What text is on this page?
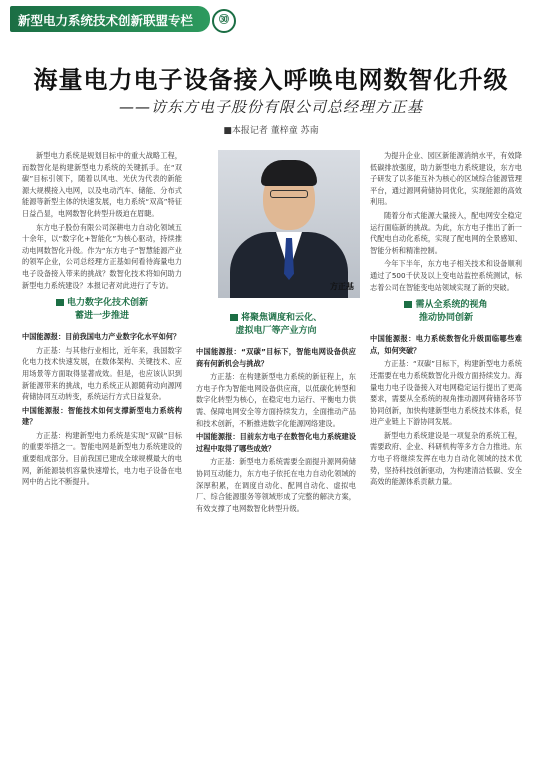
新型电力系统技术创新联盟专栏	㉚
海量电力电子设备接入呼唤电网数智化升级
——访东方电子股份有限公司总经理方正基
■本报记者 董梓童 苏南

新型电力系统是规划目标中的重大战略工程，而数智化是构建新型电力系统的关键抓手。在“双碳”目标引领下，随着以风电、光伏为代表的新能源大规模接入电网，以及电动汽车、储能、分布式能源等新型主体的快速发展，电力系统“双高”特征日益凸显，电网数智化转型升级迫在眉睫。

东方电子股份有限公司深耕电力自动化领域五十余年，以“数字化+智能化”为核心驱动，持续推动电网数智化升级。作为“东方电子”智慧能源产业的领军企业，公司总经理方正基如何看待海量电力电子设备接入带来的挑战？数智化技术将如何助力新型电力系统建设？本报记者对此进行了专访。

电力数字化技术创新
蓄进一步推进

中国能源报：目前我国电力产业数字化水平如何？

方正基：与其他行业相比，近年来，我国数字化电力技术快速发展，在数体架构、关键技术、应用场景等方面取得显著成效。但是，也应该认识到新能源带来的挑战，电力系统正从源随荷动向源网荷储协同互动转变，系统运行方式日益复杂。

中国能源报：智能技术如何支撑新型电力系统构建？

方正基：构建新型电力系统是实现“双碳”目标的重要举措之一。智能电网是新型电力系统建设的重要组成部分。目前我国已建成全球规模最大的电网，新能源装机容量快速增长，电力电子设备在电网中的占比不断提升。

方正基
将聚焦调度和云化、
虚拟电厂等产业方向

中国能源报：“双碳”目标下，智能电网设备供应商有何新机会与挑战？

方正基：在构建新型电力系统的新征程上，东方电子作为智能电网设备供应商，以低碳化转型和数字化转型为核心，在稳定电力运行、平衡电力供需、保障电网安全等方面持续发力，全面推动产品和技术创新，不断推进数字化能源网络建设。

中国能源报：目前东方电子在数智化电力系统建设过程中取得了哪些成效？

方正基：新型电力系统需要全面提升源网荷储协同互动能力，东方电子依托在电力自动化领域的深厚积累，在调度自动化、配网自动化、虚拟电厂、综合能源服务等领域形成了完整的解决方案，有效支撑了电网数智化转型升级。

为提升企业、园区新能源消纳水平，有效降低碳排放强度，助力新型电力系统建设，东方电子研发了以多能互补为核心的区域综合能源管理平台，通过源网荷储协同优化，实现能源的高效利用。

随着分布式能源大量接入，配电网安全稳定运行面临新的挑战。为此，东方电子推出了新一代配电自动化系统，实现了配电网的全景感知、智能分析和精准控制。

今年下半年，东方电子相关技术和设备顺利通过了500千伏及以上变电站监控系统测试，标志着公司在智能变电站领域实现了新的突破。

需从全系统的视角
推动协同创新

中国能源报：电力系统数智化升级面临哪些难点，如何突破？

方正基：“双碳”目标下，构建新型电力系统还需要在电力系统数智化升级方面持续发力。海量电力电子设备接入对电网稳定运行提出了更高要求，需要从全系统的视角推动源网荷储各环节协同创新，加快构建新型电力系统技术体系，促进产业链上下游协同发展。

新型电力系统建设是一项复杂的系统工程，需要政府、企业、科研机构等多方合力推进。东方电子将继续发挥在电力自动化领域的技术优势，坚持科技创新驱动，为构建清洁低碳、安全高效的能源体系贡献力量。
